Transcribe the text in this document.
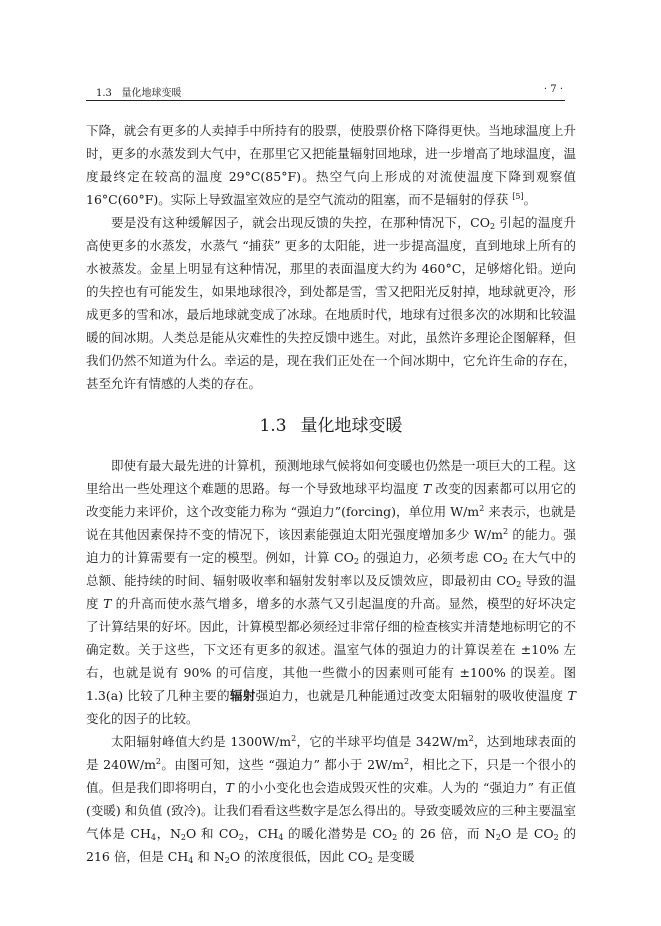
1.3 量化地球变暖	· 7 ·

下降，就会有更多的人卖掉手中所持有的股票，使股票价格下降得更快。当地球温度上升时，更多的水蒸发到大气中，在那里它又把能量辐射回地球，进一步增高了地球温度，温度最终定在较高的温度 29°C(85°F)。热空气向上形成的对流使温度下降到观察值 16°C(60°F)。实际上导致温室效应的是空气流动的阻塞，而不是辐射的俘获 [5]。

要是没有这种缓解因子，就会出现反馈的失控，在那种情况下，$CO_2$ 引起的温度升高使更多的水蒸发，水蒸气 “捕获” 更多的太阳能，进一步提高温度，直到地球上所有的水被蒸发。金星上明显有这种情况，那里的表面温度大约为 460°C，足够熔化铅。逆向的失控也有可能发生，如果地球很冷，到处都是雪，雪又把阳光反射掉，地球就更冷，形成更多的雪和冰，最后地球就变成了冰球。在地质时代，地球有过很多次的冰期和比较温暖的间冰期。人类总是能从灾难性的失控反馈中逃生。对此，虽然许多理论企图解释，但我们仍然不知道为什么。幸运的是，现在我们正处在一个间冰期中，它允许生命的存在，甚至允许有情感的人类的存在。

1.3 量化地球变暖

即使有最大最先进的计算机，预测地球气候将如何变暖也仍然是一项巨大的工程。这里给出一些处理这个难题的思路。每一个导致地球平均温度 T 改变的因素都可以用它的改变能力来评价，这个改变能力称为 “强迫力”(forcing)，单位用 $W/m^2$ 来表示，也就是说在其他因素保持不变的情况下，该因素能强迫太阳光强度增加多少 $W/m^2$ 的能力。强迫力的计算需要有一定的模型。例如，计算 $CO_2$ 的强迫力，必须考虑 $CO_2$ 在大气中的总额、能持续的时间、辐射吸收率和辐射发射率以及反馈效应，即最初由 $CO_2$ 导致的温度 T 的升高而使水蒸气增多，增多的水蒸气又引起温度的升高。显然，模型的好坏决定了计算结果的好坏。因此，计算模型都必须经过非常仔细的检查核实并清楚地标明它的不确定数。关于这些，下文还有更多的叙述。温室气体的强迫力的计算误差在 ±10% 左右，也就是说有 90% 的可信度，其他一些微小的因素则可能有 ±100% 的误差。图 1.3(a) 比较了几种主要的辐射强迫力，也就是几种能通过改变太阳辐射的吸收使温度 T 变化的因子的比较。

太阳辐射峰值大约是 $1300W/m^2$，它的半球平均值是 $342W/m^2$，达到地球表面的是 $240W/m^2$。由图可知，这些 “强迫力” 都小于 $2W/m^2$，相比之下，只是一个很小的值。但是我们即将明白，T 的小小变化也会造成毁灭性的灾难。人为的 “强迫力” 有正值 (变暖) 和负值 (致冷)。让我们看看这些数字是怎么得出的。导致变暖效应的三种主要温室气体是 $CH_4$，$N_2O$ 和 $CO_2$，$CH_4$ 的暖化潜势是 $CO_2$ 的 26 倍，而 $N_2O$ 是 $CO_2$ 的 216 倍，但是 $CH_4$ 和 $N_2O$ 的浓度很低，因此 $CO_2$ 是变暖
